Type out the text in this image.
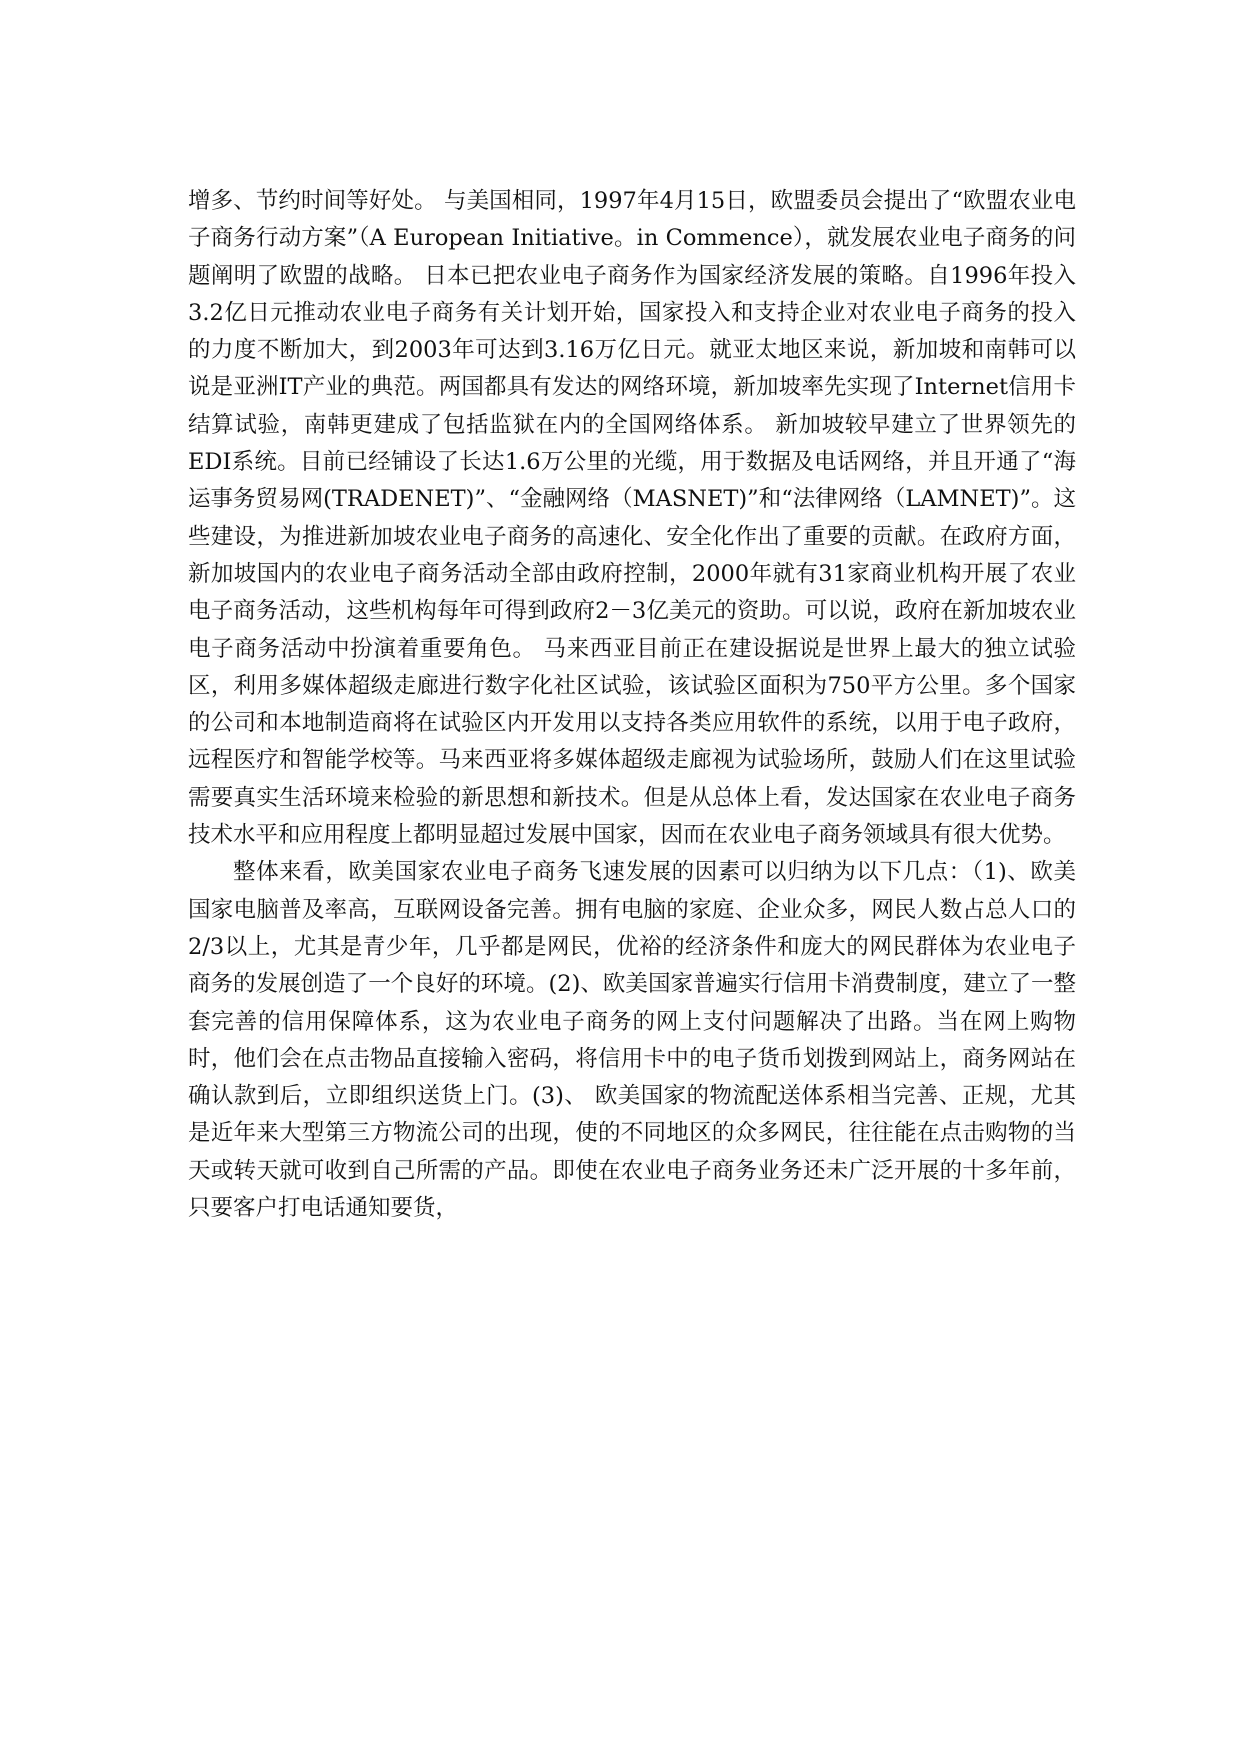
增多、节约时间等好处。 与美国相同，1997年4月15日，欧盟委员会提出了“欧盟农业电子商务行动方案”（A European Initiative。in Commence），就发展农业电子商务的问题阐明了欧盟的战略。 日本已把农业电子商务作为国家经济发展的策略。自1996年投入3.2亿日元推动农业电子商务有关计划开始，国家投入和支持企业对农业电子商务的投入的力度不断加大，到2003年可达到3.16万亿日元。就亚太地区来说，新加坡和南韩可以说是亚洲IT产业的典范。两国都具有发达的网络环境，新加坡率先实现了Internet信用卡结算试验，南韩更建成了包括监狱在内的全国网络体系。 新加坡较早建立了世界领先的EDI系统。目前已经铺设了长达1.6万公里的光缆，用于数据及电话网络，并且开通了“海运事务贸易网(TRADENET)”、“金融网络（MASNET)”和“法律网络（LAMNET)”。这些建设，为推进新加坡农业电子商务的高速化、安全化作出了重要的贡献。在政府方面，新加坡国内的农业电子商务活动全部由政府控制，2000年就有31家商业机构开展了农业电子商务活动，这些机构每年可得到政府2－3亿美元的资助。可以说，政府在新加坡农业电子商务活动中扮演着重要角色。 马来西亚目前正在建设据说是世界上最大的独立试验区，利用多媒体超级走廊进行数字化社区试验，该试验区面积为750平方公里。多个国家的公司和本地制造商将在试验区内开发用以支持各类应用软件的系统，以用于电子政府，远程医疗和智能学校等。马来西亚将多媒体超级走廊视为试验场所，鼓励人们在这里试验需要真实生活环境来检验的新思想和新技术。但是从总体上看，发达国家在农业电子商务技术水平和应用程度上都明显超过发展中国家，因而在农业电子商务领域具有很大优势。

整体来看，欧美国家农业电子商务飞速发展的因素可以归纳为以下几点：（1)、欧美国家电脑普及率高，互联网设备完善。拥有电脑的家庭、企业众多，网民人数占总人口的2/3以上，尤其是青少年，几乎都是网民，优裕的经济条件和庞大的网民群体为农业电子商务的发展创造了一个良好的环境。(2)、欧美国家普遍实行信用卡消费制度，建立了一整套完善的信用保障体系，这为农业电子商务的网上支付问题解决了出路。当在网上购物时，他们会在点击物品直接输入密码，将信用卡中的电子货币划拨到网站上，商务网站在确认款到后，立即组织送货上门。(3)、 欧美国家的物流配送体系相当完善、正规，尤其是近年来大型第三方物流公司的出现，使的不同地区的众多网民，往往能在点击购物的当天或转天就可收到自己所需的产品。即使在农业电子商务业务还未广泛开展的十多年前，只要客户打电话通知要货，
